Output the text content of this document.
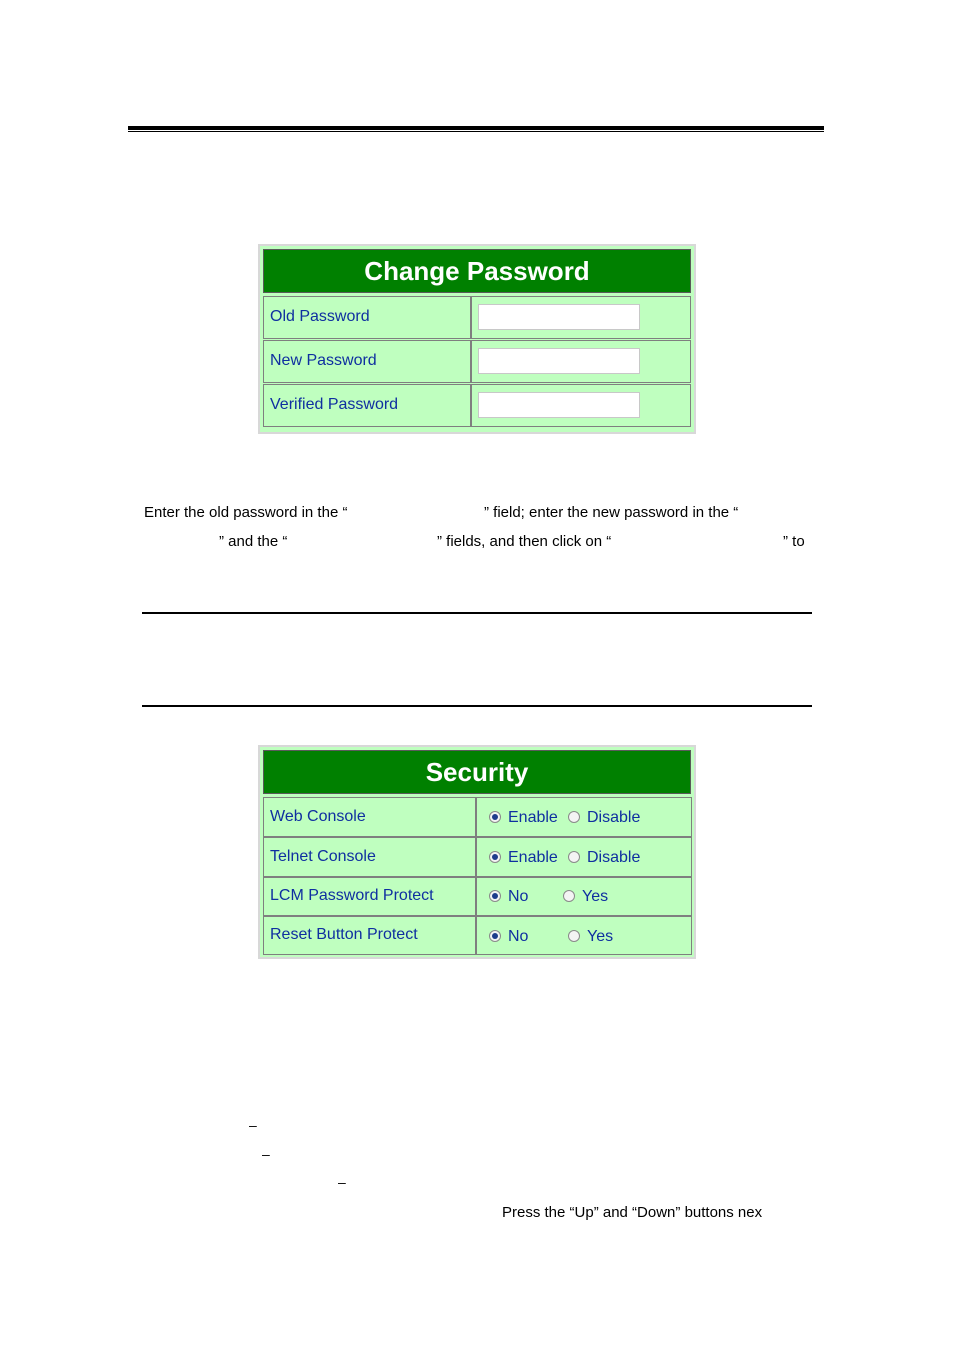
Change Password
Old Password
New Password
Verified Password
Enter the old password in the “	” field; enter the new password in the “
” and the “	” fields, and then click on “	” to
Security
Web Console	Enable Disable
Telnet Console	Enable Disable
LCM Password Protect	No	Yes
Reset Button Protect	No	Yes
–
–
–
Press the “Up” and “Down” buttons nex
